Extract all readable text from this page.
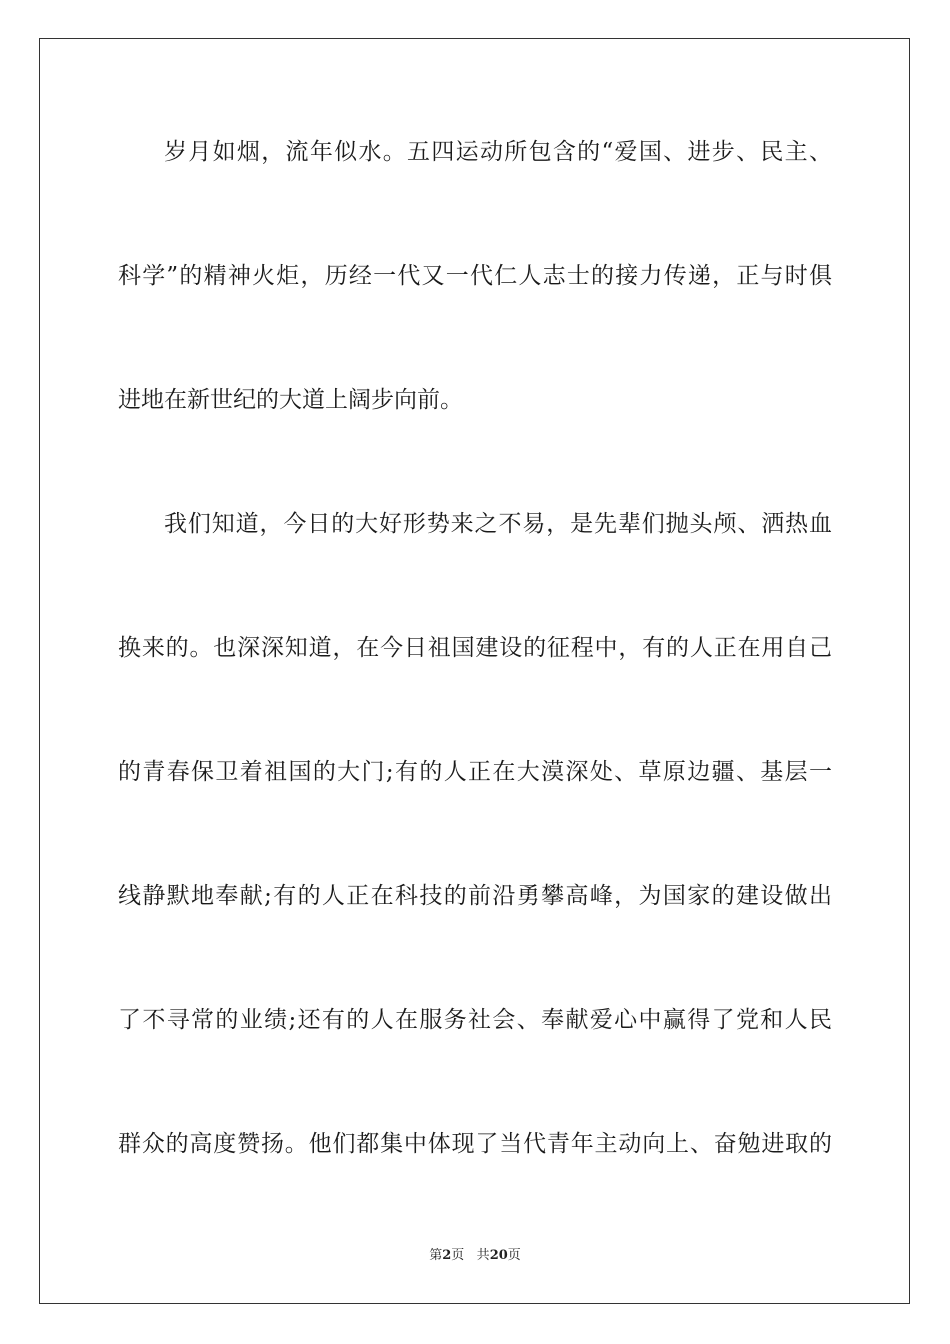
岁月如烟，流年似水。五四运动所包含的“爱国、进步、民主、
科学”的精神火炬，历经一代又一代仁人志士的接力传递，正与时俱
进地在新世纪的大道上阔步向前。
我们知道，今日的大好形势来之不易，是先辈们抛头颅、洒热血
换来的。也深深知道，在今日祖国建设的征程中，有的人正在用自己
的青春保卫着祖国的大门;有的人正在大漠深处、草原边疆、基层一
线静默地奉献;有的人正在科技的前沿勇攀高峰，为国家的建设做出
了不寻常的业绩;还有的人在服务社会、奉献爱心中赢得了党和人民
群众的高度赞扬。他们都集中体现了当代青年主动向上、奋勉进取的
第2页 共20页
